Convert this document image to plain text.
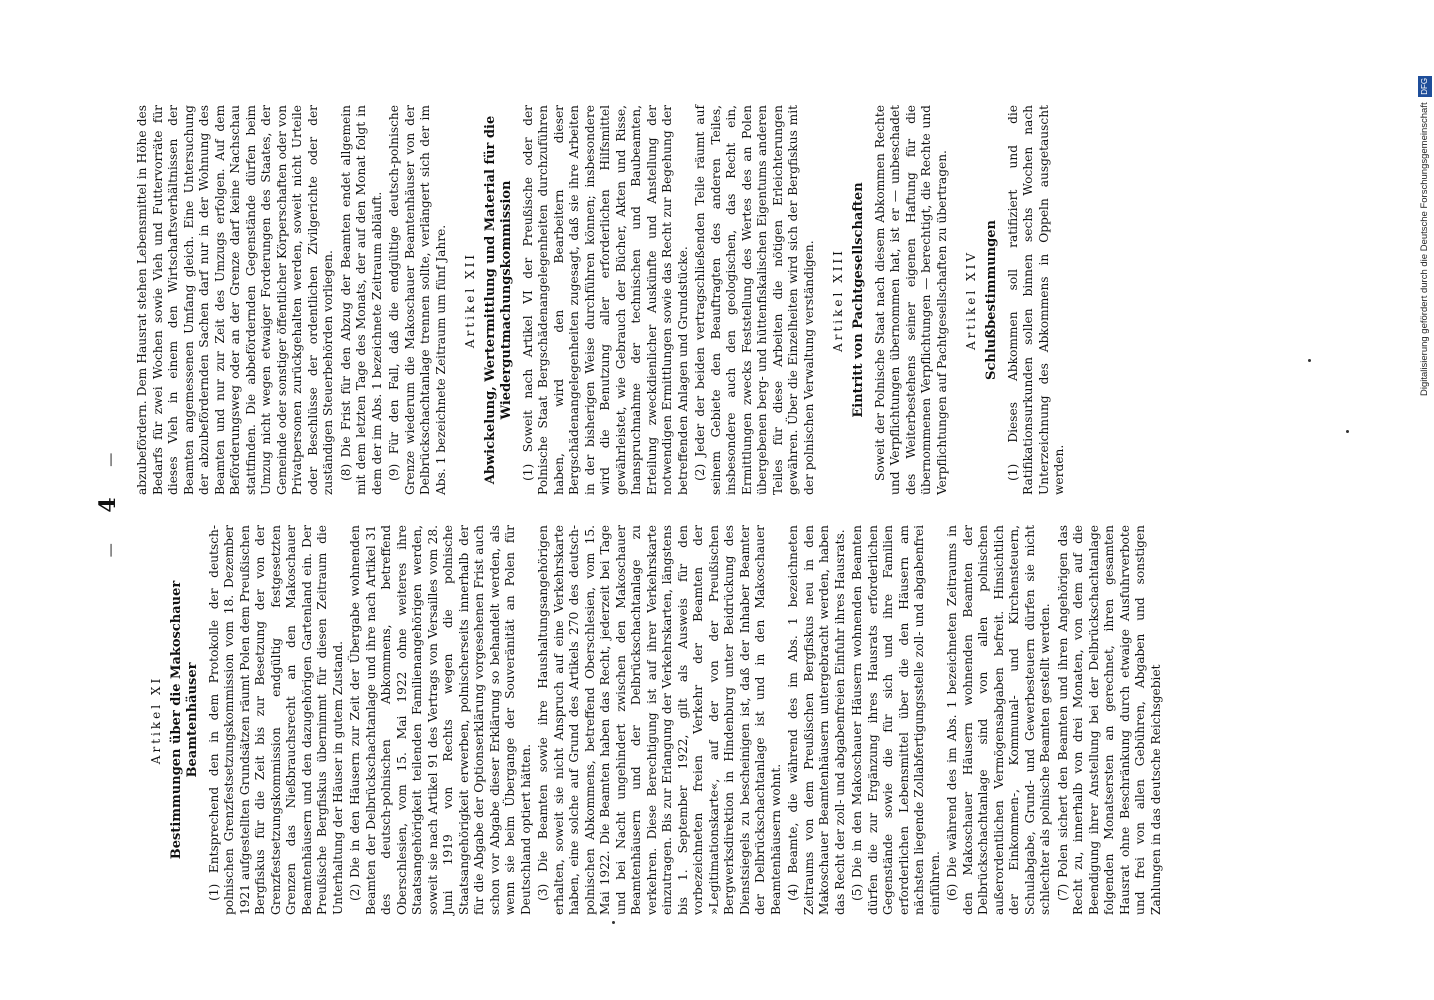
—    4    —
Artikel XI Bestimmungen über die Makoschauer Beamtenhäuser (1) Entsprechend den in dem Protokolle der deutsch-polnischen Grenzfestsetzungskommission vom 18. Dezember 1921 aufgestellten Grundsätzen räumt Polen dem Preußischen Bergfiskus für die Zeit bis zur Besetzung der von der Grenzfestsetzungskommission endgültig festgesetzten Grenzen das Nießbrauchsrecht an den Makoschauer Beamtenhäusern und den dazugehörigen Gartenland ein. Der Preußische Bergfiskus übernimmt für diesen Zeitraum die Unterhaltung der Häuser in gutem Zustand. (2) Die in den Häusern zur Zeit der Übergabe wohnenden Beamten der Delbrückschachtanlage und ihre nach Artikel 31 des deutsch-polnischen Abkommens, betreffend Oberschlesien, vom 15. Mai 1922 ohne weiteres ihre Staatsangehörigkeit teilenden Familienangehörigen werden, soweit sie nach Artikel 91 des Vertrags von Versailles vom 28. Juni 1919 von Rechts wegen die polnische Staatsangehörigkeit erwerben, polnischerseits innerhalb der für die Abgabe der Optionserklärung vorgesehenen Frist auch schon vor Abgabe dieser Erklärung so behandelt werden, als wenn sie beim Übergange der Souveränität an Polen für Deutschland optiert hätten. (3) Die Beamten sowie ihre Haushaltungsangehörigen erhalten, soweit sie nicht Anspruch auf eine Verkehrskarte haben, eine solche auf Grund des Artikels 270 des deutsch-polnischen Abkommens, betreffend Oberschlesien, vom 15. Mai 1922. Die Beamten haben das Recht, jederzeit bei Tage und bei Nacht ungehindert zwischen den Makoschauer Beamtenhäusern und der Delbrückschachtanlage zu verkehren. Diese Berechtigung ist auf ihrer Verkehrskarte einzutragen. Bis zur Erlangung der Verkehrskarten, längstens bis 1. September 1922, gilt als Ausweis für den vorbezeichneten freien Verkehr der Beamten der »Legitimationskarte«, auf der von der Preußischen Bergwerksdirektion in Hindenburg unter Beidrückung des Dienstsiegels zu bescheinigen ist, daß der Inhaber Beamter der Delbrückschachtanlage ist und in den Makoschauer Beamtenhäusern wohnt. (4) Beamte, die während des im Abs. 1 bezeichneten Zeitraums von dem Preußischen Bergfiskus neu in den Makoschauer Beamtenhäusern untergebracht werden, haben das Recht der zoll- und abgabenfreien Einfuhr ihres Hausrats. (5) Die in den Makoschauer Häusern wohnenden Beamten dürfen die zur Ergänzung ihres Hausrats erforderlichen Gegenstände sowie die für sich und ihre Familien erforderlichen Lebensmittel über die den Häusern am nächsten liegende Zollabfertigungsstelle zoll- und abgabenfrei einführen. (6) Die während des im Abs. 1 bezeichneten Zeitraums in den Makoschauer Häusern wohnenden Beamten der Delbrückschachtanlage sind von allen polnischen außerordentlichen Vermögensabgaben befreit. Hinsichtlich der Einkommen-, Kommunal- und Kirchensteuern, Schulabgabe, Grund- und Gewerbesteuern dürfen sie nicht schlechter als polnische Beamten gestellt werden. (7) Polen sichert den Beamten und ihren Angehörigen das Recht zu, innerhalb von drei Monaten, von dem auf die Beendigung ihrer Anstellung bei der Delbrückschachtanlage folgenden Monatsersten an gerechnet, ihren gesamten Hausrat ohne Beschränkung durch etwaige Ausfuhrverbote und frei von allen Gebühren, Abgaben und sonstigen Zahlungen in das deutsche Reichsgebiet

abzubefördern. Dem Hausrat stehen Lebensmittel in Höhe des Bedarfs für zwei Wochen sowie Vieh und Futtervorräte für dieses Vieh in einem den Wirtschaftsverhältnissen der Beamten angemessenen Umfang gleich. Eine Untersuchung der abzubefördernden Sachen darf nur in der Wohnung des Beamten und nur zur Zeit des Umzugs erfolgen. Auf dem Beförderungsweg oder an der Grenze darf keine Nachschau stattfinden. Die abbefördernden Gegenstände dürfen beim Umzug nicht wegen etwaiger Forderungen des Staates, der Gemeinde oder sonstiger öffentlicher Körperschaften oder von Privatpersonen zurückgehalten werden, soweit nicht Urteile oder Beschlüsse der ordentlichen Zivilgerichte oder der zuständigen Steuerbehörden vorliegen. (8) Die Frist für den Abzug der Beamten endet allgemein mit dem letzten Tage des Monats, der auf den Monat folgt in dem der im Abs. 1 bezeichnete Zeitraum abläuft. (9) Für den Fall, daß die endgültige deutsch-polnische Grenze wiederum die Makoschauer Beamtenhäuser von der Delbrückschachtanlage trennen sollte, verlängert sich der im Abs. 1 bezeichnete Zeitraum um fünf Jahre. Artikel XII Abwickelung, Wertermittlung und Material für die Wiedergutmachungskommission (1) Soweit nach Artikel VI der Preußische oder der Polnische Staat Bergschädenangelegenheiten durchzuführen haben, wird den Bearbeitern dieser Bergschädenangelegenheiten zugesagt, daß sie ihre Arbeiten in der bisherigen Weise durchführen können; insbesondere wird die Benutzung aller erforderlichen Hilfsmittel gewährleistet, wie Gebrauch der Bücher, Akten und Risse, Inanspruchnahme der technischen und Baubeamten, Erteilung zweckdienlicher Auskünfte und Anstellung der notwendigen Ermittlungen sowie das Recht zur Begehung der betreffenden Anlagen und Grundstücke. (2) Jeder der beiden vertragschließenden Teile räumt auf seinem Gebiete den Beauftragten des anderen Teiles, insbesondere auch den geologischen, das Recht ein, Ermittlungen zwecks Feststellung des Wertes des an Polen übergebenen berg- und hüttenfiskalischen Eigentums anderen Teiles für diese Arbeiten die nötigen Erleichterungen gewähren. Über die Einzelheiten wird sich der Bergfiskus mit der polnischen Verwaltung verständigen. Artikel XIII Eintritt von Pachtgesellschaften Soweit der Polnische Staat nach diesem Abkommen Rechte und Verpflichtungen übernommen hat, ist er — unbeschadet des Weiterbestehens seiner eigenen Haftung für die übernommenen Verpflichtungen — berechtigt, die Rechte und Verpflichtungen auf Pachtgesellschaften zu übertragen. Artikel XIV Schlußbestimmungen (1) Dieses Abkommen soll ratifiziert und die Ratifikationsurkunden sollen binnen sechs Wochen nach Unterzeichnung des Abkommens in Oppeln ausgetauscht werden.

Digitalisierung gefördert durch die Deutsche Forschungsgemeinschaft DFG
